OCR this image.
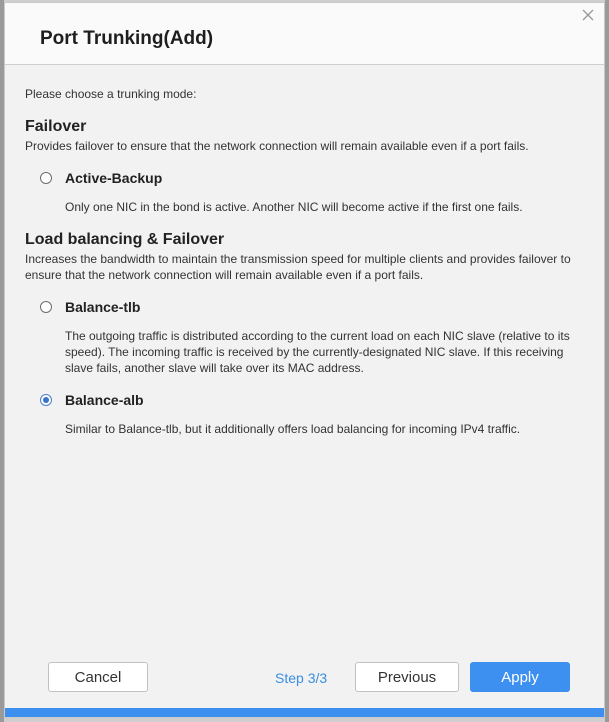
Port Trunking(Add)
Please choose a trunking mode:
Failover
Provides failover to ensure that the network connection will remain available even if a port fails.
Active-Backup
Only one NIC in the bond is active. Another NIC will become active if the first one fails.
Load balancing & Failover
Increases the bandwidth to maintain the transmission speed for multiple clients and provides failover to
ensure that the network connection will remain available even if a port fails.
Balance-tlb
The outgoing traffic is distributed according to the current load on each NIC slave (relative to its
speed). The incoming traffic is received by the currently-designated NIC slave. If this receiving
slave fails, another slave will take over its MAC address.
Balance-alb
Similar to Balance-tlb, but it additionally offers load balancing for incoming IPv4 traffic.
Cancel	Step 3/3	Previous	Apply
